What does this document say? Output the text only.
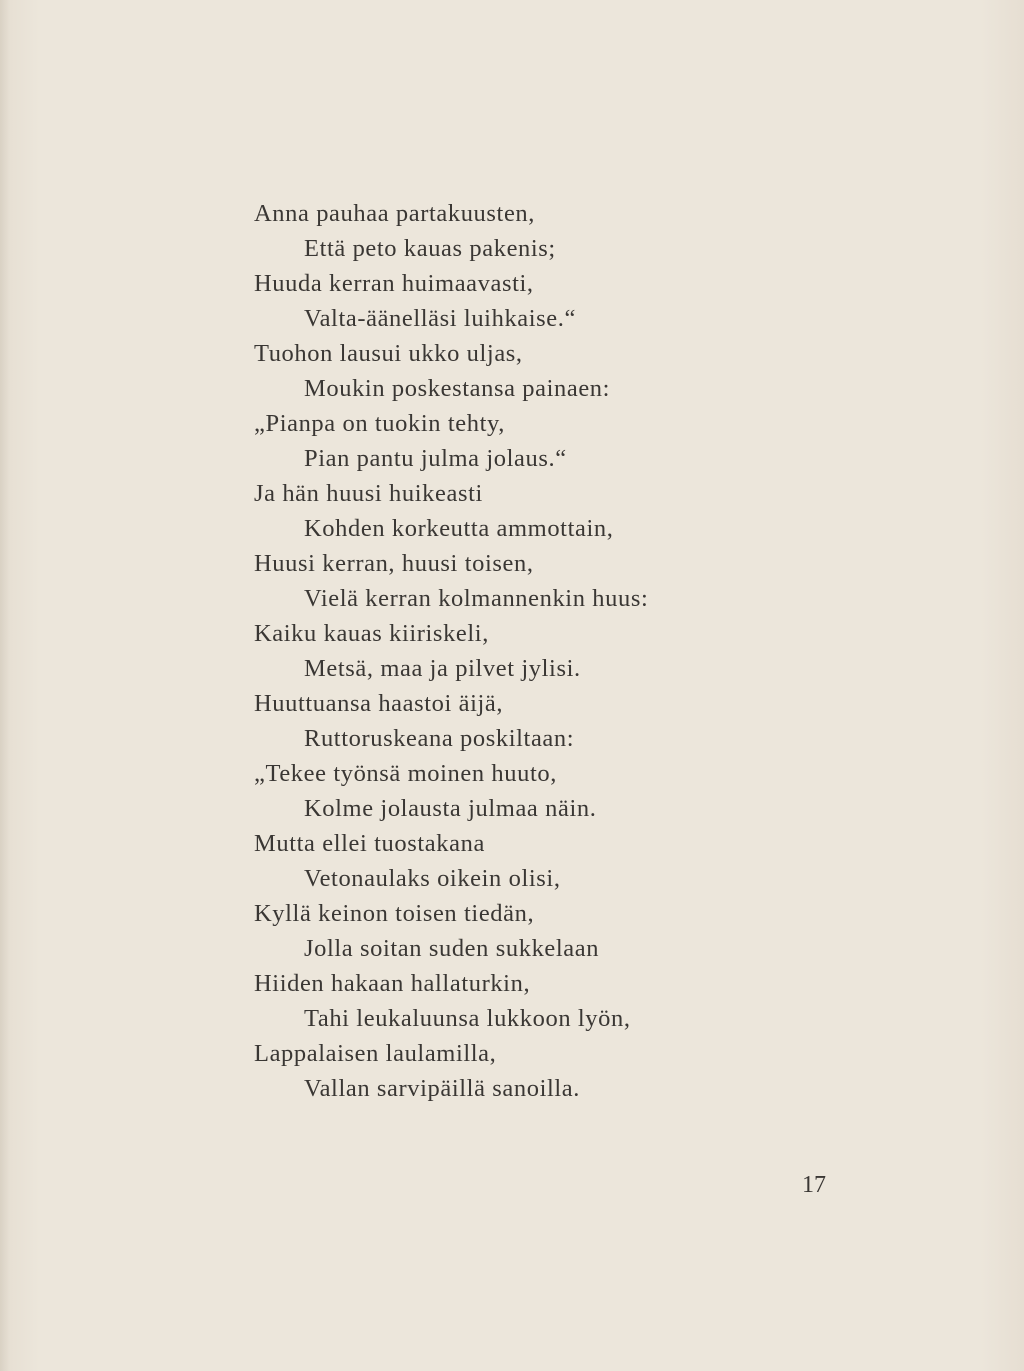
Anna pauhaa partakuusten,
Että peto kauas pakenis;
Huuda kerran huimaavasti,
Valta-äänelläsi luihkaise.“
Tuohon lausui ukko uljas,
Moukin poskestansa painaen:
„Pianpa on tuokin tehty,
Pian pantu julma jolaus.“
Ja hän huusi huikeasti
Kohden korkeutta ammottain,
Huusi kerran, huusi toisen,
Vielä kerran kolmannenkin huus:
Kaiku kauas kiiriskeli,
Metsä, maa ja pilvet jylisi.
Huuttuansa haastoi äijä,
Ruttoruskeana poskiltaan:
„Tekee työnsä moinen huuto,
Kolme jolausta julmaa näin.
Mutta ellei tuostakana
Vetonaulaks oikein olisi,
Kyllä keinon toisen tiedän,
Jolla soitan suden sukkelaan
Hiiden hakaan hallaturkin,
Tahi leukaluunsa lukkoon lyön,
Lappalaisen laulamilla,
Vallan sarvipäillä sanoilla.
17
